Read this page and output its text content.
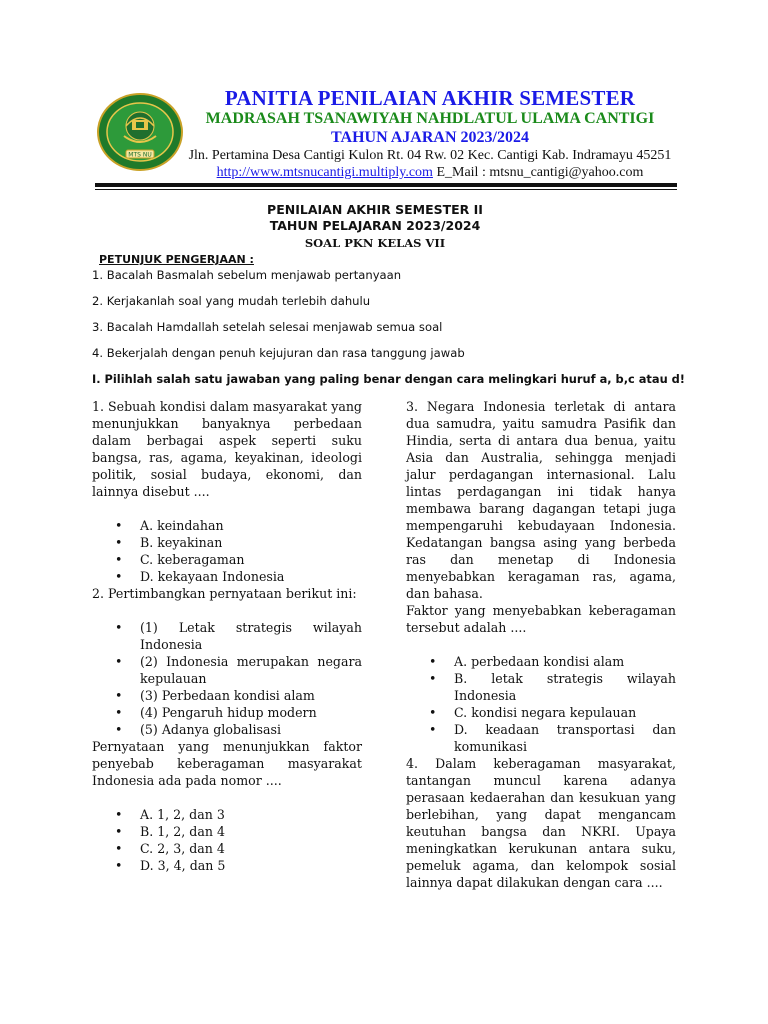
MTS NU
PANITIA PENILAIAN AKHIR SEMESTER
MADRASAH TSANAWIYAH NAHDLATUL ULAMA CANTIGI
TAHUN AJARAN 2023/2024
Jln. Pertamina Desa Cantigi Kulon Rt. 04 Rw. 02 Kec. Cantigi Kab. Indramayu 45251
http://www.mtsnucantigi.multiply.com E_Mail : mtsnu_cantigi@yahoo.com
PENILAIAN AKHIR SEMESTER II
TAHUN PELAJARAN 2023/2024
SOAL PKN KELAS VII
PETUNJUK PENGERJAAN :
1. Bacalah Basmalah sebelum menjawab pertanyaan
2. Kerjakanlah soal yang mudah terlebih dahulu
3. Bacalah Hamdallah setelah selesai menjawab semua soal
4. Bekerjalah dengan penuh kejujuran dan rasa tanggung jawab
I. Pilihlah salah satu jawaban yang paling benar dengan cara melingkari huruf a, b,c atau d!

1. Sebuah kondisi dalam masyarakat yang menunjukkan banyaknya perbedaan dalam berbagai aspek seperti suku bangsa, ras, agama, keyakinan, ideologi politik, sosial budaya, ekonomi, dan lainnya disebut ....

• A. keindahan
• B. keyakinan
• C. keberagaman
• D. kekayaan Indonesia

2. Pertimbangkan pernyataan berikut ini:

• (1) Letak strategis wilayah Indonesia
• (2) Indonesia merupakan negara kepulauan
• (3) Perbedaan kondisi alam
• (4) Pengaruh hidup modern
• (5) Adanya globalisasi

Pernyataan yang menunjukkan faktor penyebab keberagaman masyarakat Indonesia ada pada nomor ....

• A. 1, 2, dan 3
• B. 1, 2, dan 4
• C. 2, 3, dan 4
• D. 3, 4, dan 5

3. Negara Indonesia terletak di antara dua samudra, yaitu samudra Pasifik dan Hindia, serta di antara dua benua, yaitu Asia dan Australia, sehingga menjadi jalur perdagangan internasional. Lalu lintas perdagangan ini tidak hanya membawa barang dagangan tetapi juga mempengaruhi kebudayaan Indonesia. Kedatangan bangsa asing yang berbeda ras dan menetap di Indonesia menyebabkan keragaman ras, agama, dan bahasa.

Faktor yang menyebabkan keberagaman tersebut adalah ....

• A. perbedaan kondisi alam
• B. letak strategis wilayah Indonesia
• C. kondisi negara kepulauan
• D. keadaan transportasi dan komunikasi

4. Dalam keberagaman masyarakat, tantangan muncul karena adanya perasaan kedaerahan dan kesukuan yang berlebihan, yang dapat mengancam keutuhan bangsa dan NKRI. Upaya meningkatkan kerukunan antara suku, pemeluk agama, dan kelompok sosial lainnya dapat dilakukan dengan cara ....
